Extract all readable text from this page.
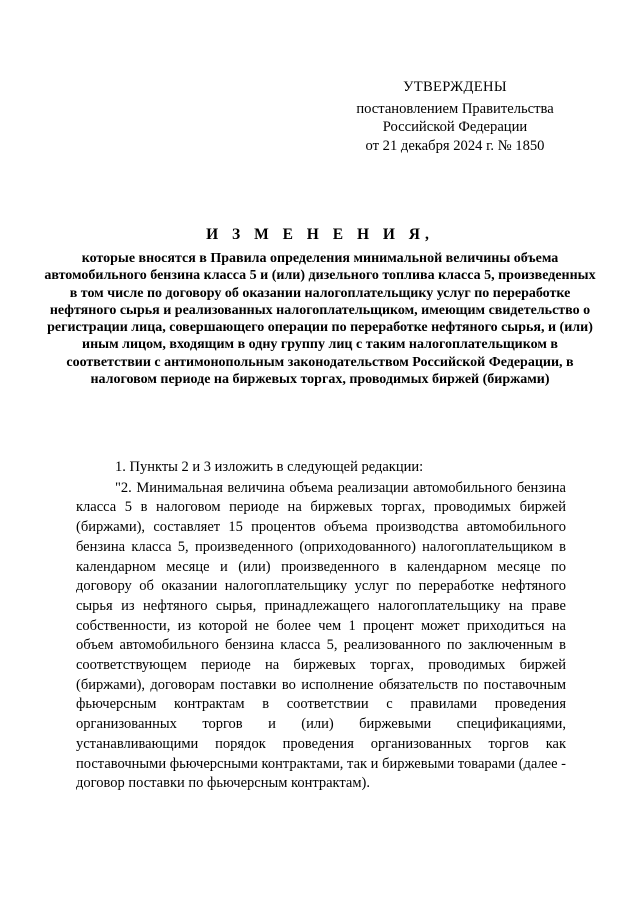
УТВЕРЖДЕНЫ
постановлением Правительства
Российской Федерации
от 21 декабря 2024 г. № 1850
И З М Е Н Е Н И Я,
которые вносятся в Правила определения минимальной величины объема автомобильного бензина класса 5 и (или) дизельного топлива класса 5, произведенных в том числе по договору об оказании налогоплательщику услуг по переработке нефтяного сырья и реализованных налогоплательщиком, имеющим свидетельство о регистрации лица, совершающего операции по переработке нефтяного сырья, и (или) иным лицом, входящим в одну группу лиц с таким налогоплательщиком в соответствии с антимонопольным законодательством Российской Федерации, в налоговом периоде на биржевых торгах, проводимых биржей (биржами)
1. Пункты 2 и 3 изложить в следующей редакции:
"2. Минимальная величина объема реализации автомобильного бензина класса 5 в налоговом периоде на биржевых торгах, проводимых биржей (биржами), составляет 15 процентов объема производства автомобильного бензина класса 5, произведенного (оприходованного) налогоплательщиком в календарном месяце и (или) произведенного в календарном месяце по договору об оказании налогоплательщику услуг по переработке нефтяного сырья из нефтяного сырья, принадлежащего налогоплательщику на праве собственности, из которой не более чем 1 процент может приходиться на объем автомобильного бензина класса 5, реализованного по заключенным в соответствующем периоде на биржевых торгах, проводимых биржей (биржами), договорам поставки во исполнение обязательств по поставочным фьючерсным контрактам в соответствии с правилами проведения организованных торгов и (или) биржевыми спецификациями, устанавливающими порядок проведения организованных торгов как поставочными фьючерсными контрактами, так и биржевыми товарами (далее - договор поставки по фьючерсным контрактам).
